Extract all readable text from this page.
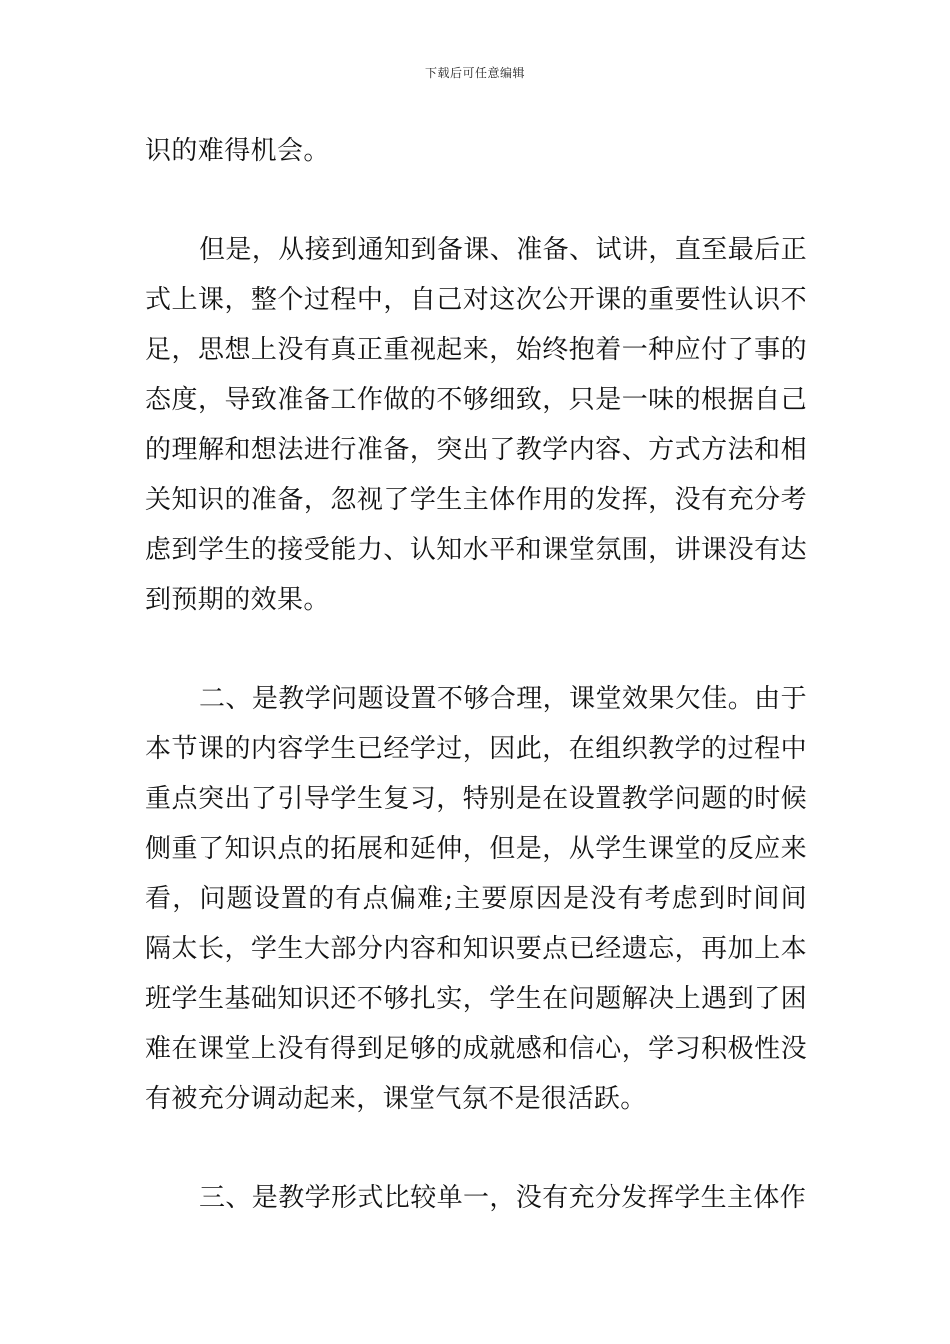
下载后可任意编辑

识的难得机会。

但是，从接到通知到备课、准备、试讲，直至最后正式上课，整个过程中，自己对这次公开课的重要性认识不足，思想上没有真正重视起来，始终抱着一种应付了事的态度，导致准备工作做的不够细致，只是一味的根据自己的理解和想法进行准备，突出了教学内容、方式方法和相关知识的准备，忽视了学生主体作用的发挥，没有充分考虑到学生的接受能力、认知水平和课堂氛围，讲课没有达到预期的效果。

二、是教学问题设置不够合理，课堂效果欠佳。由于本节课的内容学生已经学过，因此，在组织教学的过程中重点突出了引导学生复习，特别是在设置教学问题的时候侧重了知识点的拓展和延伸，但是，从学生课堂的反应来看，问题设置的有点偏难;主要原因是没有考虑到时间间隔太长，学生大部分内容和知识要点已经遗忘，再加上本班学生基础知识还不够扎实，学生在问题解决上遇到了困难在课堂上没有得到足够的成就感和信心，学习积极性没有被充分调动起来，课堂气氛不是很活跃。

三、是教学形式比较单一，没有充分发挥学生主体作
